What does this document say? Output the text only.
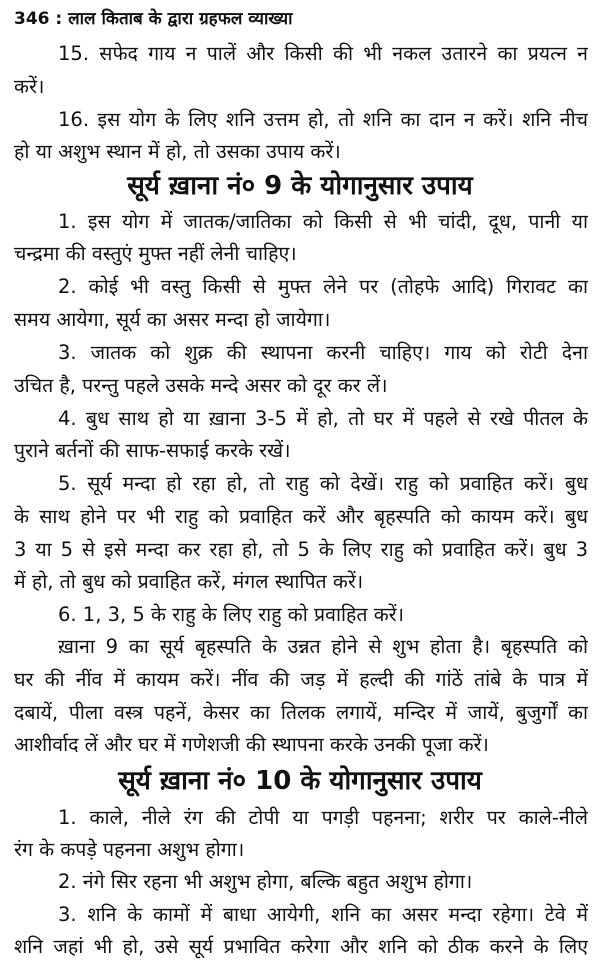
346 : लाल किताब के द्वारा ग्रहफल व्याख्या
15. सफेद गाय न पालें और किसी की भी नकल उतारने का प्रयत्न न
करें।
16. इस योग के लिए शनि उत्तम हो, तो शनि का दान न करें। शनि नीच
हो या अशुभ स्थान में हो, तो उसका उपाय करें।
सूर्य ख़ाना नं० 9 के योगानुसार उपाय
1. इस योग में जातक/जातिका को किसी से भी चांदी, दूध, पानी या
चन्द्रमा की वस्तुएं मुफ्त नहीं लेनी चाहिए।
2. कोई भी वस्तु किसी से मुफ्त लेने पर (तोहफे आदि) गिरावट का
समय आयेगा, सूर्य का असर मन्दा हो जायेगा।
3. जातक को शुक्र की स्थापना करनी चाहिए। गाय को रोटी देना
उचित है, परन्तु पहले उसके मन्दे असर को दूर कर लें।
4. बुध साथ हो या ख़ाना 3-5 में हो, तो घर में पहले से रखे पीतल के
पुराने बर्तनों की साफ-सफाई करके रखें।
5. सूर्य मन्दा हो रहा हो, तो राहु को देखें। राहु को प्रवाहित करें। बुध
के साथ होने पर भी राहु को प्रवाहित करें और बृहस्पति को कायम करें। बुध
3 या 5 से इसे मन्दा कर रहा हो, तो 5 के लिए राहु को प्रवाहित करें। बुध 3
में हो, तो बुध को प्रवाहित करें, मंगल स्थापित करें।
6. 1, 3, 5 के राहु के लिए राहु को प्रवाहित करें।
ख़ाना 9 का सूर्य बृहस्पति के उन्नत होने से शुभ होता है। बृहस्पति को
घर की नींव में कायम करें। नींव की जड़ में हल्दी की गांठें तांबे के पात्र में
दबायें, पीला वस्त्र पहनें, केसर का तिलक लगायें, मन्दिर में जायें, बुजुर्गों का
आशीर्वाद लें और घर में गणेशजी की स्थापना करके उनकी पूजा करें।
सूर्य ख़ाना नं० 10 के योगानुसार उपाय
1. काले, नीले रंग की टोपी या पगड़ी पहनना; शरीर पर काले-नीले
रंग के कपड़े पहनना अशुभ होगा।
2. नंगे सिर रहना भी अशुभ होगा, बल्कि बहुत अशुभ होगा।
3. शनि के कामों में बाधा आयेगी, शनि का असर मन्दा रहेगा। टेवे में
शनि जहां भी हो, उसे सूर्य प्रभावित करेगा और शनि को ठीक करने के लिए
